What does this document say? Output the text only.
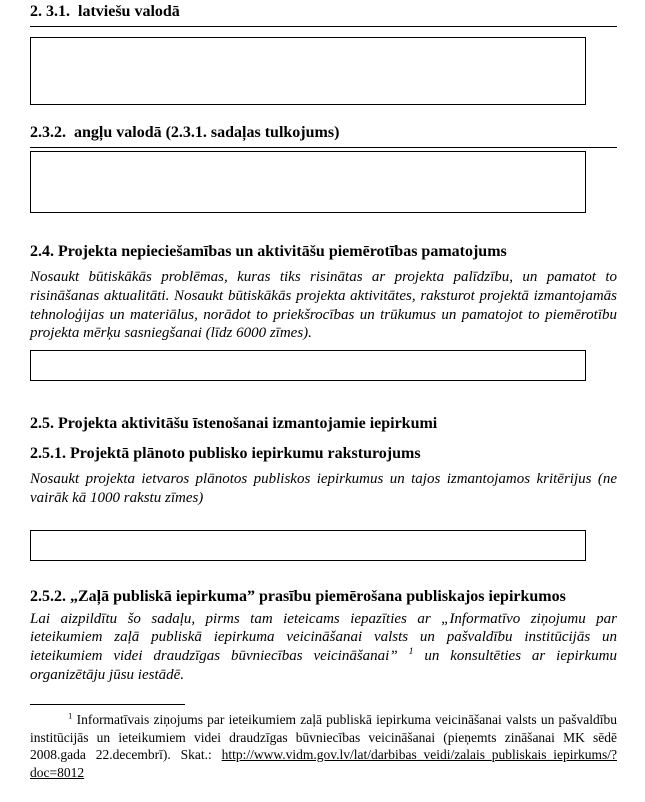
2. 3.1.  latviešu valodā
2.3.2.  angļu valodā (2.3.1. sadaļas tulkojums)
2.4. Projekta nepieciešamības un aktivitāšu piemērotības pamatojums
Nosaukt būtiskākās problēmas, kuras tiks risinātas ar projekta palīdzību, un pamatot to risināšanas aktualitāti. Nosaukt būtiskākās projekta aktivitātes, raksturot projektā izmantojamās tehnoloģijas un materiālus, norādot to priekšrocības un trūkumus un pamatojot to piemērotību projekta mērķu sasniegšanai (līdz 6000 zīmes).
2.5. Projekta aktivitāšu īstenošanai izmantojamie iepirkumi
2.5.1. Projektā plānoto publisko iepirkumu raksturojums
Nosaukt projekta ietvaros plānotos publiskos iepirkumus un tajos izmantojamos kritērijus (ne vairāk kā 1000 rakstu zīmes)
2.5.2. „Zaļā publiskā iepirkuma” prasību piemērošana publiskajos iepirkumos
Lai aizpildītu šo sadaļu, pirms tam ieteicams iepazīties ar „Informatīvo ziņojumu par ieteikumiem zaļā publiskā iepirkuma veicināšanai valsts un pašvaldību institūcijās un ieteikumiem videi draudzīgas būvniecības veicināšanai” $^1$ un konsultēties ar iepirkumu organizētāju jūsu iestādē.
$^1$ Informatīvais ziņojums par ieteikumiem zaļā publiskā iepirkuma veicināšanai valsts un pašvaldību institūcijās un ieteikumiem videi draudzīgas būvniecības veicināšanai (pieņemts zināšanai MK sēdē 2008.gada 22.decembrī). Skat.: http://www.vidm.gov.lv/lat/darbibas_veidi/zalais_publiskais_iepirkums/?doc=8012
